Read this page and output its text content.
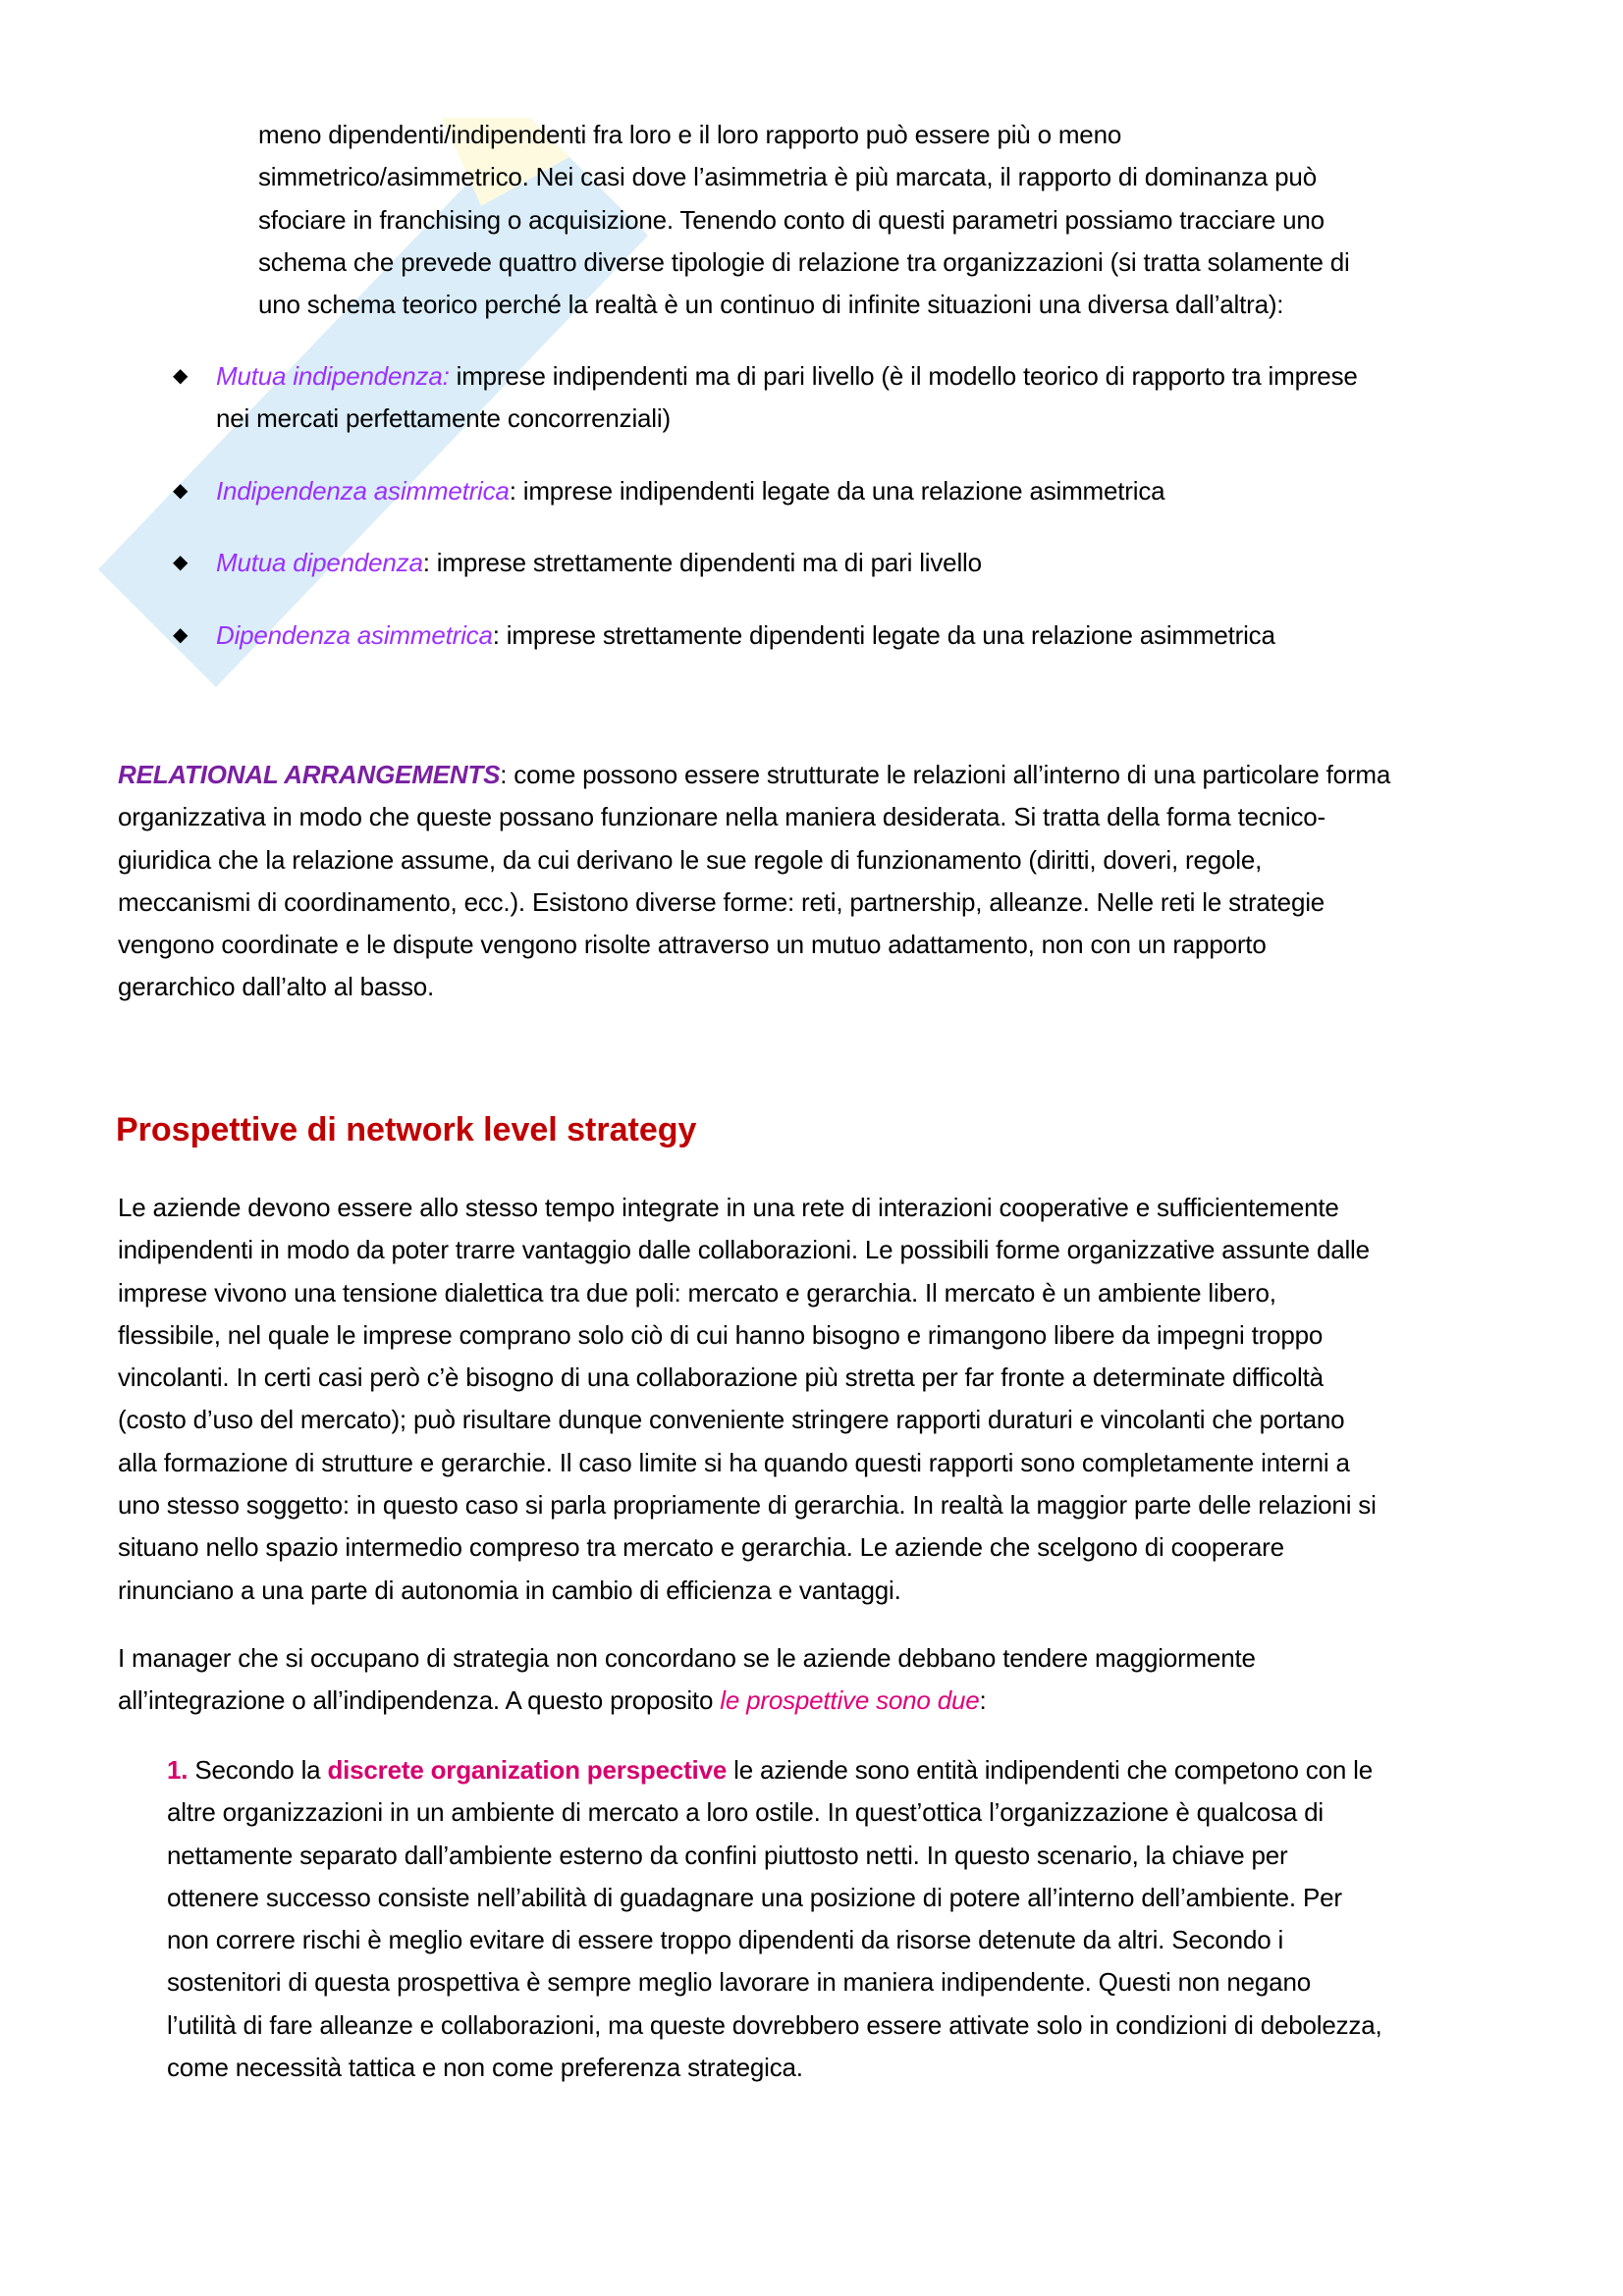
meno dipendenti/indipendenti fra loro e il loro rapporto può essere più o meno
simmetrico/asimmetrico. Nei casi dove l’asimmetria è più marcata, il rapporto di dominanza può
sfociare in franchising o acquisizione. Tenendo conto di questi parametri possiamo tracciare uno
schema che prevede quattro diverse tipologie di relazione tra organizzazioni (si tratta solamente di
uno schema teorico perché la realtà è un continuo di infinite situazioni una diversa dall’altra):
◆ Mutua indipendenza: imprese indipendenti ma di pari livello (è il modello teorico di rapporto tra imprese
nei mercati perfettamente concorrenziali)
◆ Indipendenza asimmetrica: imprese indipendenti legate da una relazione asimmetrica
◆ Mutua dipendenza: imprese strettamente dipendenti ma di pari livello
◆ Dipendenza asimmetrica: imprese strettamente dipendenti legate da una relazione asimmetrica
RELATIONAL ARRANGEMENTS: come possono essere strutturate le relazioni all’interno di una particolare forma
organizzativa in modo che queste possano funzionare nella maniera desiderata. Si tratta della forma tecnico-
giuridica che la relazione assume, da cui derivano le sue regole di funzionamento (diritti, doveri, regole,
meccanismi di coordinamento, ecc.). Esistono diverse forme: reti, partnership, alleanze. Nelle reti le strategie
vengono coordinate e le dispute vengono risolte attraverso un mutuo adattamento, non con un rapporto
gerarchico dall’alto al basso.
Prospettive di network level strategy
Le aziende devono essere allo stesso tempo integrate in una rete di interazioni cooperative e sufficientemente
indipendenti in modo da poter trarre vantaggio dalle collaborazioni. Le possibili forme organizzative assunte dalle
imprese vivono una tensione dialettica tra due poli: mercato e gerarchia. Il mercato è un ambiente libero,
flessibile, nel quale le imprese comprano solo ciò di cui hanno bisogno e rimangono libere da impegni troppo
vincolanti. In certi casi però c’è bisogno di una collaborazione più stretta per far fronte a determinate difficoltà
(costo d’uso del mercato); può risultare dunque conveniente stringere rapporti duraturi e vincolanti che portano
alla formazione di strutture e gerarchie. Il caso limite si ha quando questi rapporti sono completamente interni a
uno stesso soggetto: in questo caso si parla propriamente di gerarchia. In realtà la maggior parte delle relazioni si
situano nello spazio intermedio compreso tra mercato e gerarchia. Le aziende che scelgono di cooperare
rinunciano a una parte di autonomia in cambio di efficienza e vantaggi.
I manager che si occupano di strategia non concordano se le aziende debbano tendere maggiormente
all’integrazione o all’indipendenza. A questo proposito le prospettive sono due:
1. Secondo la discrete organization perspective le aziende sono entità indipendenti che competono con le
altre organizzazioni in un ambiente di mercato a loro ostile. In quest’ottica l’organizzazione è qualcosa di
nettamente separato dall’ambiente esterno da confini piuttosto netti. In questo scenario, la chiave per
ottenere successo consiste nell’abilità di guadagnare una posizione di potere all’interno dell’ambiente. Per
non correre rischi è meglio evitare di essere troppo dipendenti da risorse detenute da altri. Secondo i
sostenitori di questa prospettiva è sempre meglio lavorare in maniera indipendente. Questi non negano
l’utilità di fare alleanze e collaborazioni, ma queste dovrebbero essere attivate solo in condizioni di debolezza,
come necessità tattica e non come preferenza strategica.
